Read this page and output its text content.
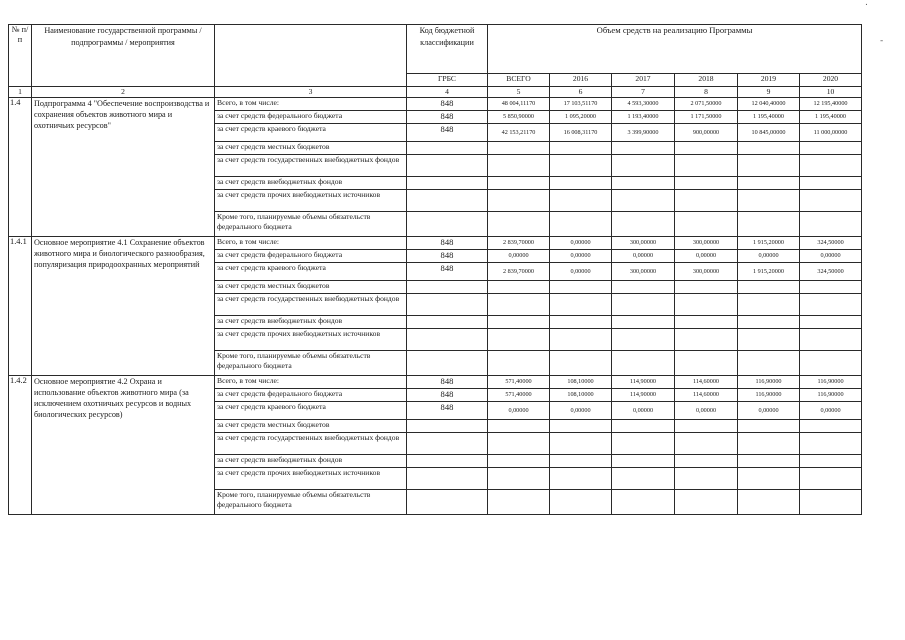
.
-
№ п/п	Наименование государственной программы / подпрограммы / мероприятия		Код бюджетной классификации	Объем средств на реализацию Программы					
			ГРБС	ВСЕГО	2016	2017	2018	2019	2020
1	2	3	4	5	6	7	8	9	10
1.4	Подпрограмма 4 "Обеспечение воспроизводства и сохранения объектов животного мира и охотничьих ресурсов"	Всего, в том числе:	848	48 004,11170	17 103,51170	4 593,30000	2 071,50000	12 040,40000	12 195,40000
		за счет средств федерального бюджета	848	5 850,90000	1 095,20000	1 193,40000	1 171,50000	1 195,40000	1 195,40000
		за счет средств краевого бюджета	848	42 153,21170	16 008,31170	3 399,90000	900,00000	10 845,00000	11 000,00000
		за счет средств местных бюджетов							
		за счет средств государственных внебюджетных фондов							
		за счет средств внебюджетных фондов							
		за счет средств прочих внебюджетных источников							
		Кроме того, планируемые объемы обязательств федерального бюджета							
1.4.1	Основное мероприятие 4.1 Сохранение объектов животного мира и биологического разнообразия, популяризация природоохранных мероприятий	Всего, в том числе:	848	2 839,70000	0,00000	300,00000	300,00000	1 915,20000	324,50000
		за счет средств федерального бюджета	848	0,00000	0,00000	0,00000	0,00000	0,00000	0,00000
		за счет средств краевого бюджета	848	2 839,70000	0,00000	300,00000	300,00000	1 915,20000	324,50000
		за счет средств местных бюджетов							
		за счет средств государственных внебюджетных фондов							
		за счет средств внебюджетных фондов							
		за счет средств прочих внебюджетных источников							
		Кроме того, планируемые объемы обязательств федерального бюджета							
1.4.2	Основное мероприятие 4.2 Охрана и использование объектов животного мира (за исключением охотничьих ресурсов и водных биологических ресурсов)	Всего, в том числе:	848	571,40000	108,10000	114,90000	114,60000	116,90000	116,90000
		за счет средств федерального бюджета	848	571,40000	108,10000	114,90000	114,60000	116,90000	116,90000
		за счет средств краевого бюджета	848	0,00000	0,00000	0,00000	0,00000	0,00000	0,00000
		за счет средств местных бюджетов							
		за счет средств государственных внебюджетных фондов							
		за счет средств внебюджетных фондов							
		за счет средств прочих внебюджетных источников							
		Кроме того, планируемые объемы обязательств федерального бюджета							
